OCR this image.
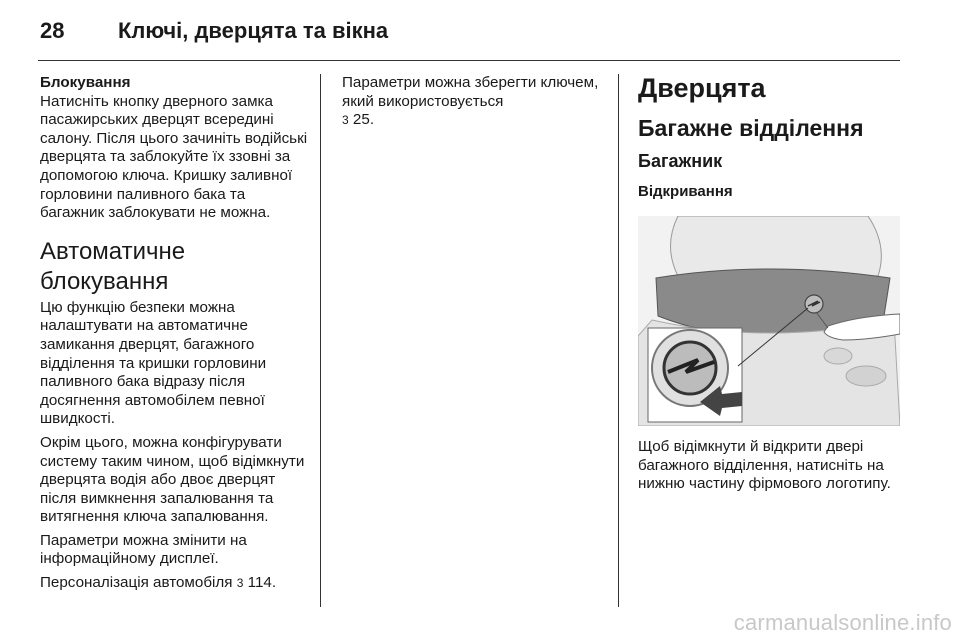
28	Ключі, дверцята та вікна

Блокування

Натисніть кнопку дверного замка пасажирських дверцят всередині салону. Після цього зачиніть водійські дверцята та заблокуйте їх ззовні за допомогою ключа. Кришку заливної горловини паливного бака та багажник заблокувати не можна.

Автоматичне блокування

Цю функцію безпеки можна налаштувати на автоматичне замикання дверцят, багажного відділення та кришки горловини паливного бака відразу після досягнення автомобілем певної швидкості.

Окрім цього, можна конфігурувати систему таким чином, щоб відімкнути дверцята водія або двоє дверцят після вимкнення запалювання та витягнення ключа запалювання.

Параметри можна змінити на інформаційному дисплеї.

Персоналізація автомобіля 3 114.

Параметри можна зберегти ключем, який використовується
3 25.

Дверцята
Багажне відділення
Багажник
Відкривання

Щоб відімкнути й відкрити двері багажного відділення, натисніть на нижню частину фірмового логотипу.

carmanualsonline.info
